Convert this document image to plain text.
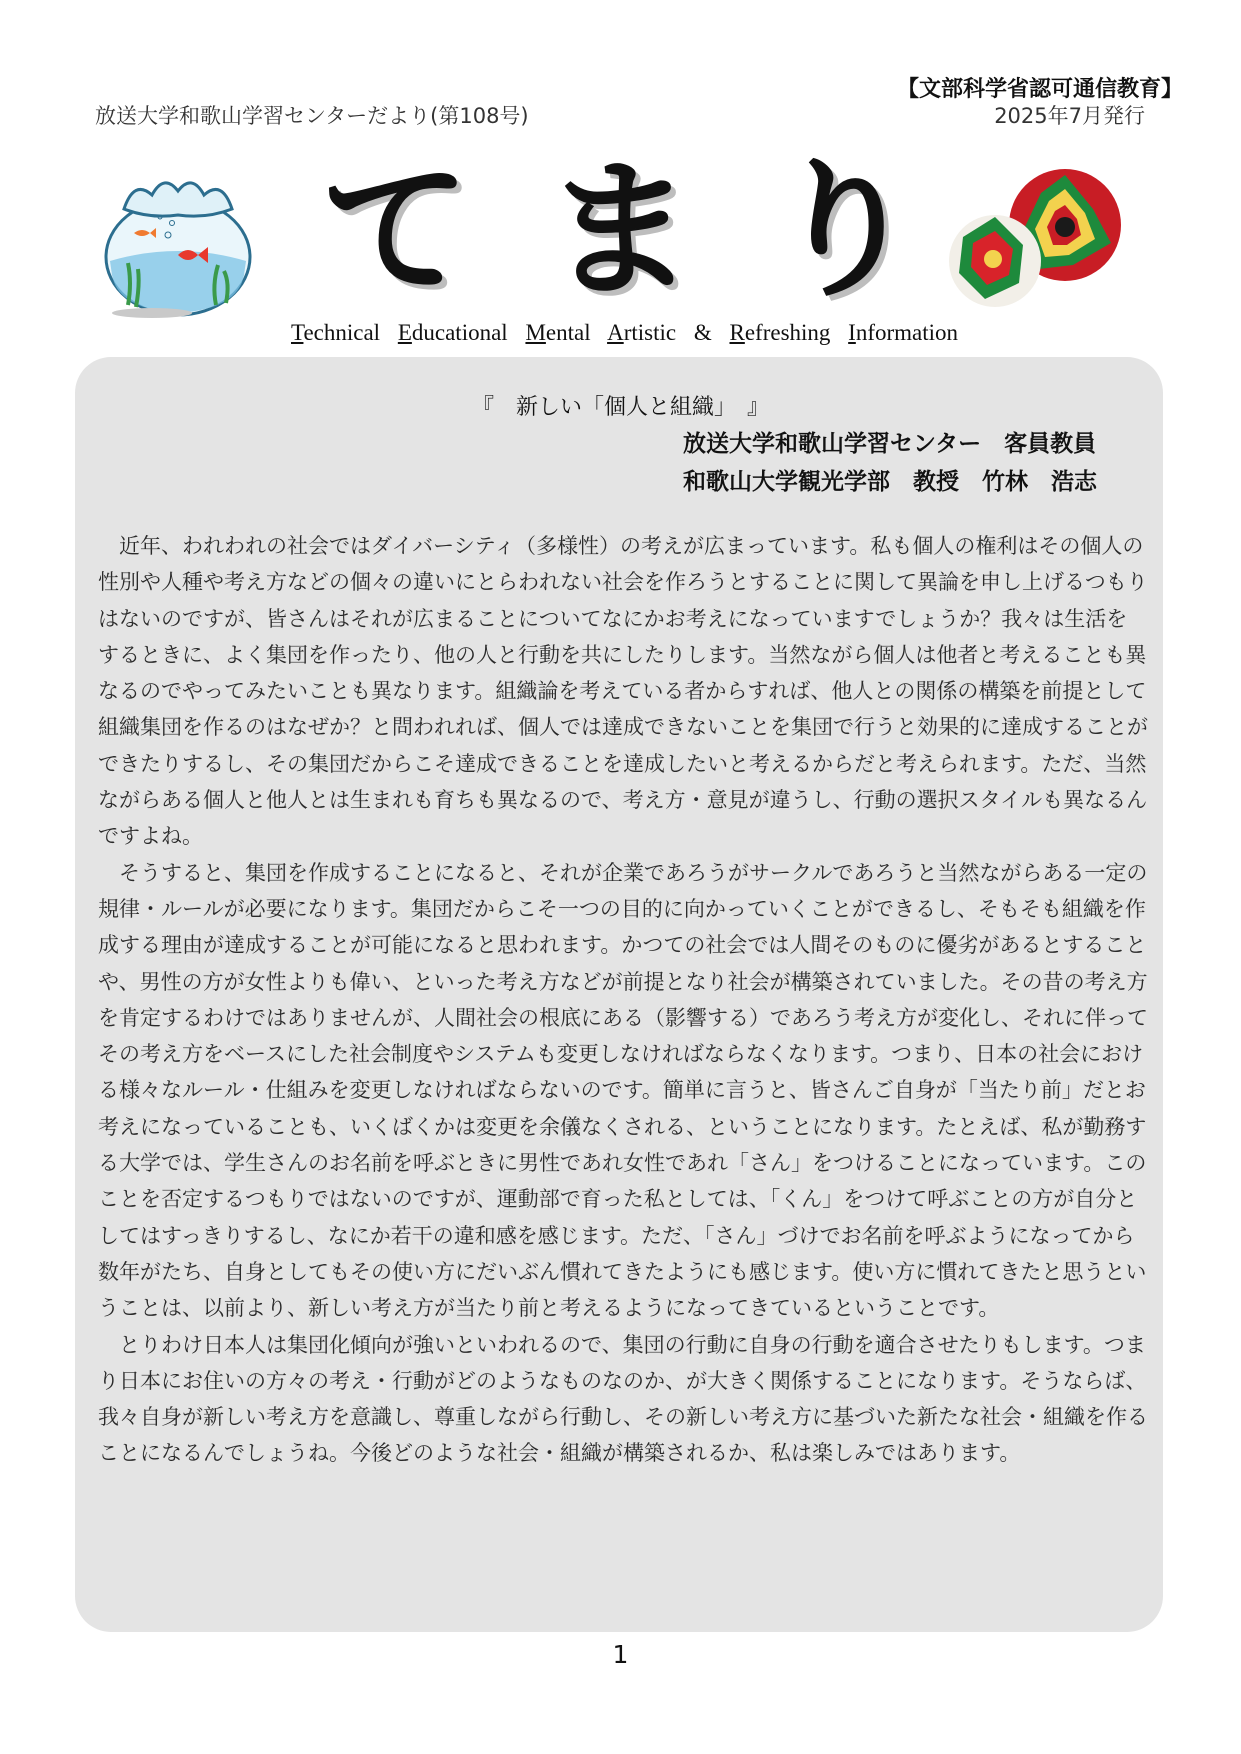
放送大学和歌山学習センターだより(第108号)
【文部科学省認可通信教育】
2025年7月発行
て ま り
Technical Educational Mental Artistic & Refreshing Information
『　新しい「個人と組織」　』
放送大学和歌山学習センター　客員教員
和歌山大学観光学部　教授　竹林　浩志

近年、われわれの社会ではダイバーシティ（多様性）の考えが広まっています。私も個人の権利はその個人の性別や人種や考え方などの個々の違いにとらわれない社会を作ろうとすることに関して異論を申し上げるつもりはないのですが、皆さんはそれが広まることについてなにかお考えになっていますでしょうか？我々は生活をするときに、よく集団を作ったり、他の人と行動を共にしたりします。当然ながら個人は他者と考えることも異なるのでやってみたいことも異なります。組織論を考えている者からすれば、他人との関係の構築を前提として組織集団を作るのはなぜか？と問われれば、個人では達成できないことを集団で行うと効果的に達成することができたりするし、その集団だからこそ達成できることを達成したいと考えるからだと考えられます。ただ、当然ながらある個人と他人とは生まれも育ちも異なるので、考え方・意見が違うし、行動の選択スタイルも異なるんですよね。

そうすると、集団を作成することになると、それが企業であろうがサークルであろうと当然ながらある一定の規律・ルールが必要になります。集団だからこそ一つの目的に向かっていくことができるし、そもそも組織を作成する理由が達成することが可能になると思われます。かつての社会では人間そのものに優劣があるとすることや、男性の方が女性よりも偉い、といった考え方などが前提となり社会が構築されていました。その昔の考え方を肯定するわけではありませんが、人間社会の根底にある（影響する）であろう考え方が変化し、それに伴ってその考え方をベースにした社会制度やシステムも変更しなければならなくなります。つまり、日本の社会における様々なルール・仕組みを変更しなければならないのです。簡単に言うと、皆さんご自身が「当たり前」だとお考えになっていることも、いくばくかは変更を余儀なくされる、ということになります。たとえば、私が勤務する大学では、学生さんのお名前を呼ぶときに男性であれ女性であれ「さん」をつけることになっています。このことを否定するつもりではないのですが、運動部で育った私としては、「くん」をつけて呼ぶことの方が自分としてはすっきりするし、なにか若干の違和感を感じます。ただ、「さん」づけでお名前を呼ぶようになってから数年がたち、自身としてもその使い方にだいぶん慣れてきたようにも感じます。使い方に慣れてきたと思うということは、以前より、新しい考え方が当たり前と考えるようになってきているということです。

とりわけ日本人は集団化傾向が強いといわれるので、集団の行動に自身の行動を適合させたりもします。つまり日本にお住いの方々の考え・行動がどのようなものなのか、が大きく関係することになります。そうならば、我々自身が新しい考え方を意識し、尊重しながら行動し、その新しい考え方に基づいた新たな社会・組織を作ることになるんでしょうね。今後どのような社会・組織が構築されるか、私は楽しみではあります。

1
